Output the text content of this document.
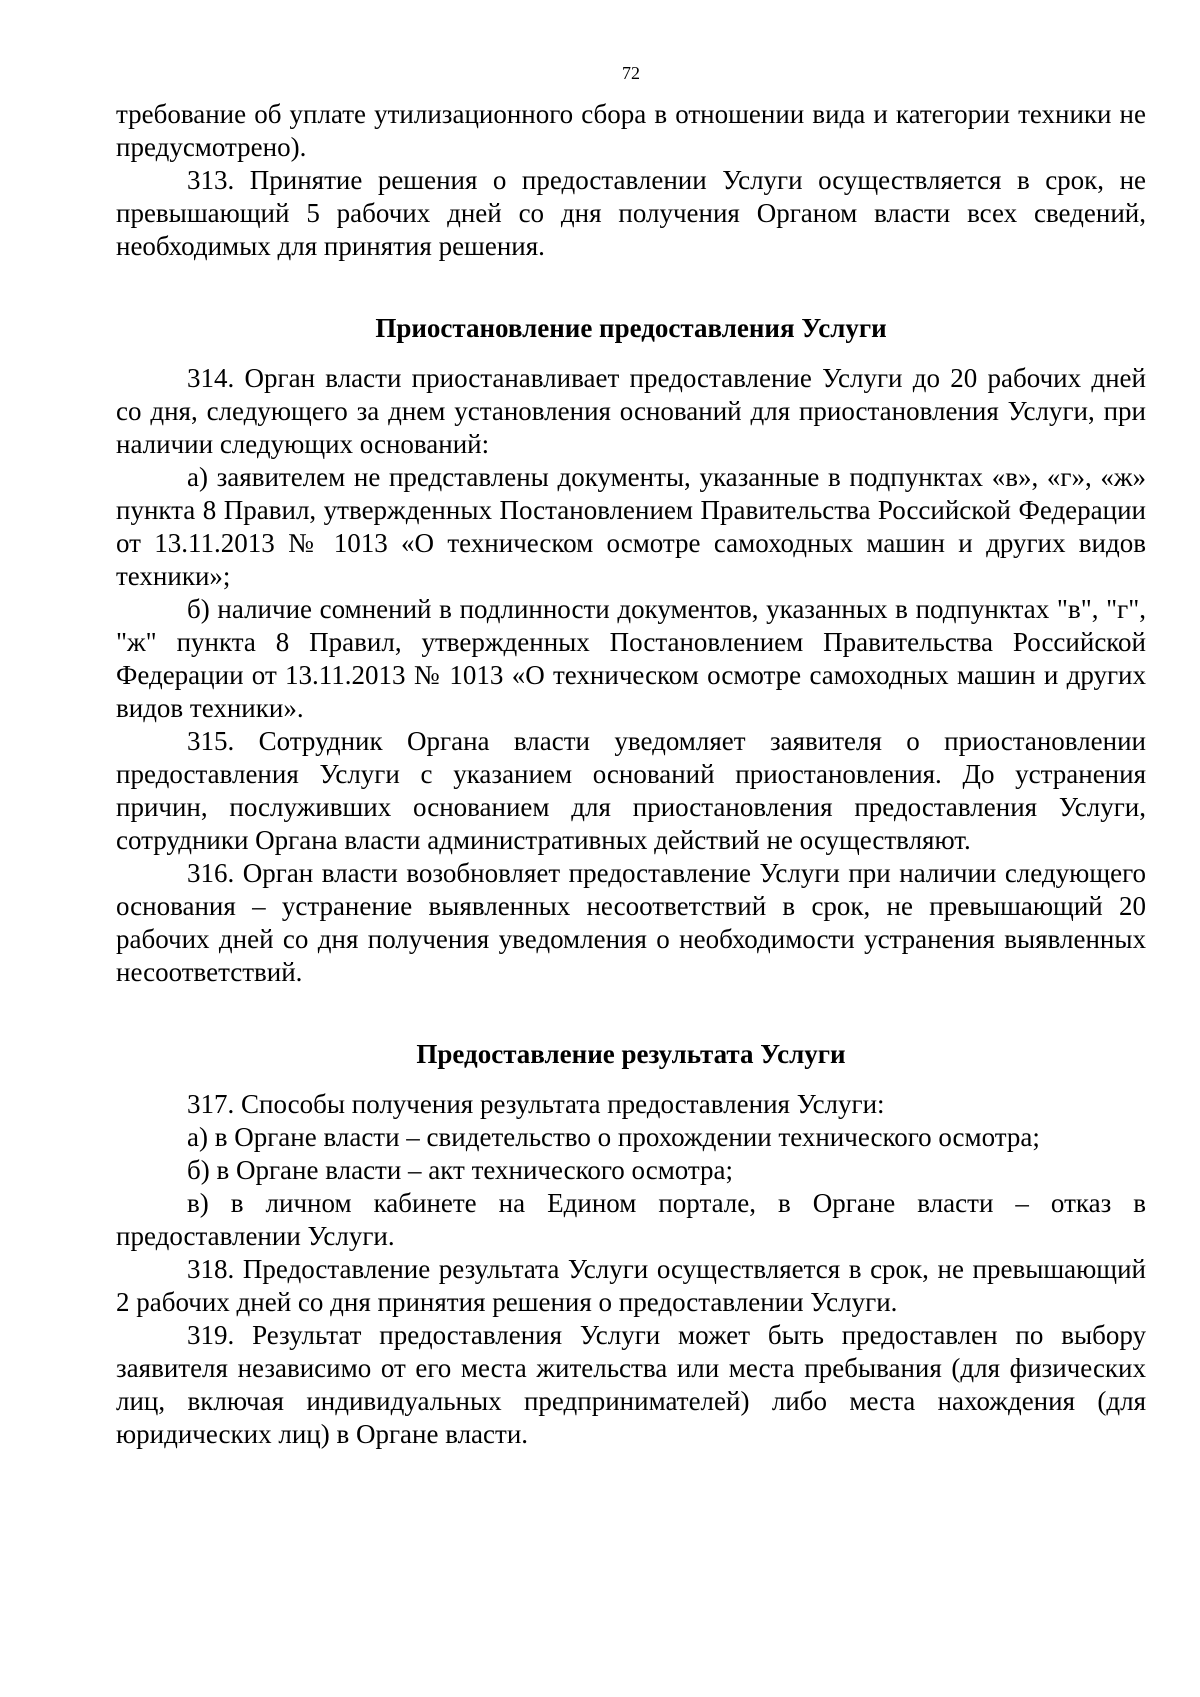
72

требование об уплате утилизационного сбора в отношении вида и категории техники не предусмотрено).

313. Принятие решения о предоставлении Услуги осуществляется в срок, не превышающий 5 рабочих дней со дня получения Органом власти всех сведений, необходимых для принятия решения.

Приостановление предоставления Услуги

314. Орган власти приостанавливает предоставление Услуги до 20 рабочих дней со дня, следующего за днем установления оснований для приостановления Услуги, при наличии следующих оснований:

а) заявителем не представлены документы, указанные в подпунктах «в», «г», «ж» пункта 8 Правил, утвержденных Постановлением Правительства Российской Федерации от 13.11.2013 № 1013 «О техническом осмотре самоходных машин и других видов техники»;

б) наличие сомнений в подлинности документов, указанных в подпунктах "в", "г", "ж" пункта 8 Правил, утвержденных Постановлением Правительства Российской Федерации от 13.11.2013 № 1013 «О техническом осмотре самоходных машин и других видов техники».

315. Сотрудник Органа власти уведомляет заявителя о приостановлении предоставления Услуги с указанием оснований приостановления. До устранения причин, послуживших основанием для приостановления предоставления Услуги, сотрудники Органа власти административных действий не осуществляют.

316. Орган власти возобновляет предоставление Услуги при наличии следующего основания – устранение выявленных несоответствий в срок, не превышающий 20 рабочих дней со дня получения уведомления о необходимости устранения выявленных несоответствий.

Предоставление результата Услуги

317. Способы получения результата предоставления Услуги:

а) в Органе власти – свидетельство о прохождении технического осмотра;

б) в Органе власти – акт технического осмотра;

в) в личном кабинете на Едином портале, в Органе власти – отказ в предоставлении Услуги.

318. Предоставление результата Услуги осуществляется в срок, не превышающий 2 рабочих дней со дня принятия решения о предоставлении Услуги.

319. Результат предоставления Услуги может быть предоставлен по выбору заявителя независимо от его места жительства или места пребывания (для физических лиц, включая индивидуальных предпринимателей) либо места нахождения (для юридических лиц) в Органе власти.
